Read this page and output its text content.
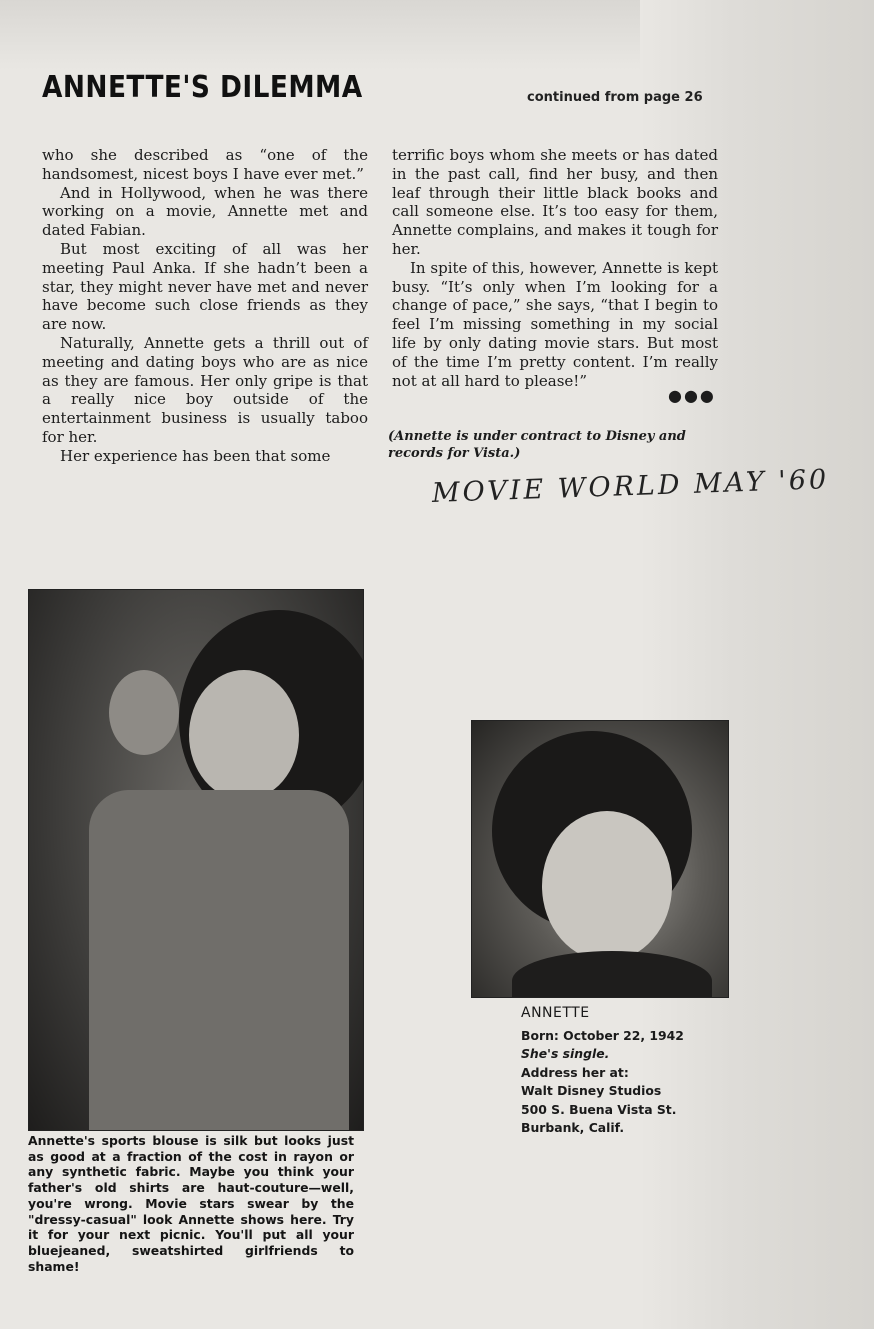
ANNETTE'S DILEMMA	continued from page 26

who she described as “one of the handsomest, nicest boys I have ever met.”

And in Hollywood, when he was there working on a movie, Annette met and dated Fabian.

But most exciting of all was her meeting Paul Anka. If she hadn’t been a star, they might never have met and never have become such close friends as they are now.

Naturally, Annette gets a thrill out of meeting and dating boys who are as nice as they are famous. Her only gripe is that a really nice boy outside of the entertainment business is usually taboo for her.

Her experience has been that some

terrific boys whom she meets or has dated in the past call, find her busy, and then leaf through their little black books and call someone else. It’s too easy for them, Annette complains, and makes it tough for her.

In spite of this, however, Annette is kept busy. “It’s only when I’m looking for a change of pace,” she says, “that I begin to feel I’m missing something in my social life by only dating movie stars. But most of the time I’m pretty content. I’m really not at all hard to please!”

●●●
(Annette is under contract to Disney and records for Vista.)
MOVIE WORLD MAY '60
Annette's sports blouse is silk but looks just as good at a fraction of the cost in rayon or any synthetic fabric. Maybe you think your father's old shirts are haut-couture—well, you're wrong. Movie stars swear by the "dressy-casual" look Annette shows here. Try it for your next picnic. You'll put all your bluejeaned, sweatshirted girlfriends to shame!
ANNETTE
Born: October 22, 1942
She's single.
Address her at:
Walt Disney Studios
500 S. Buena Vista St.
Burbank, Calif.
